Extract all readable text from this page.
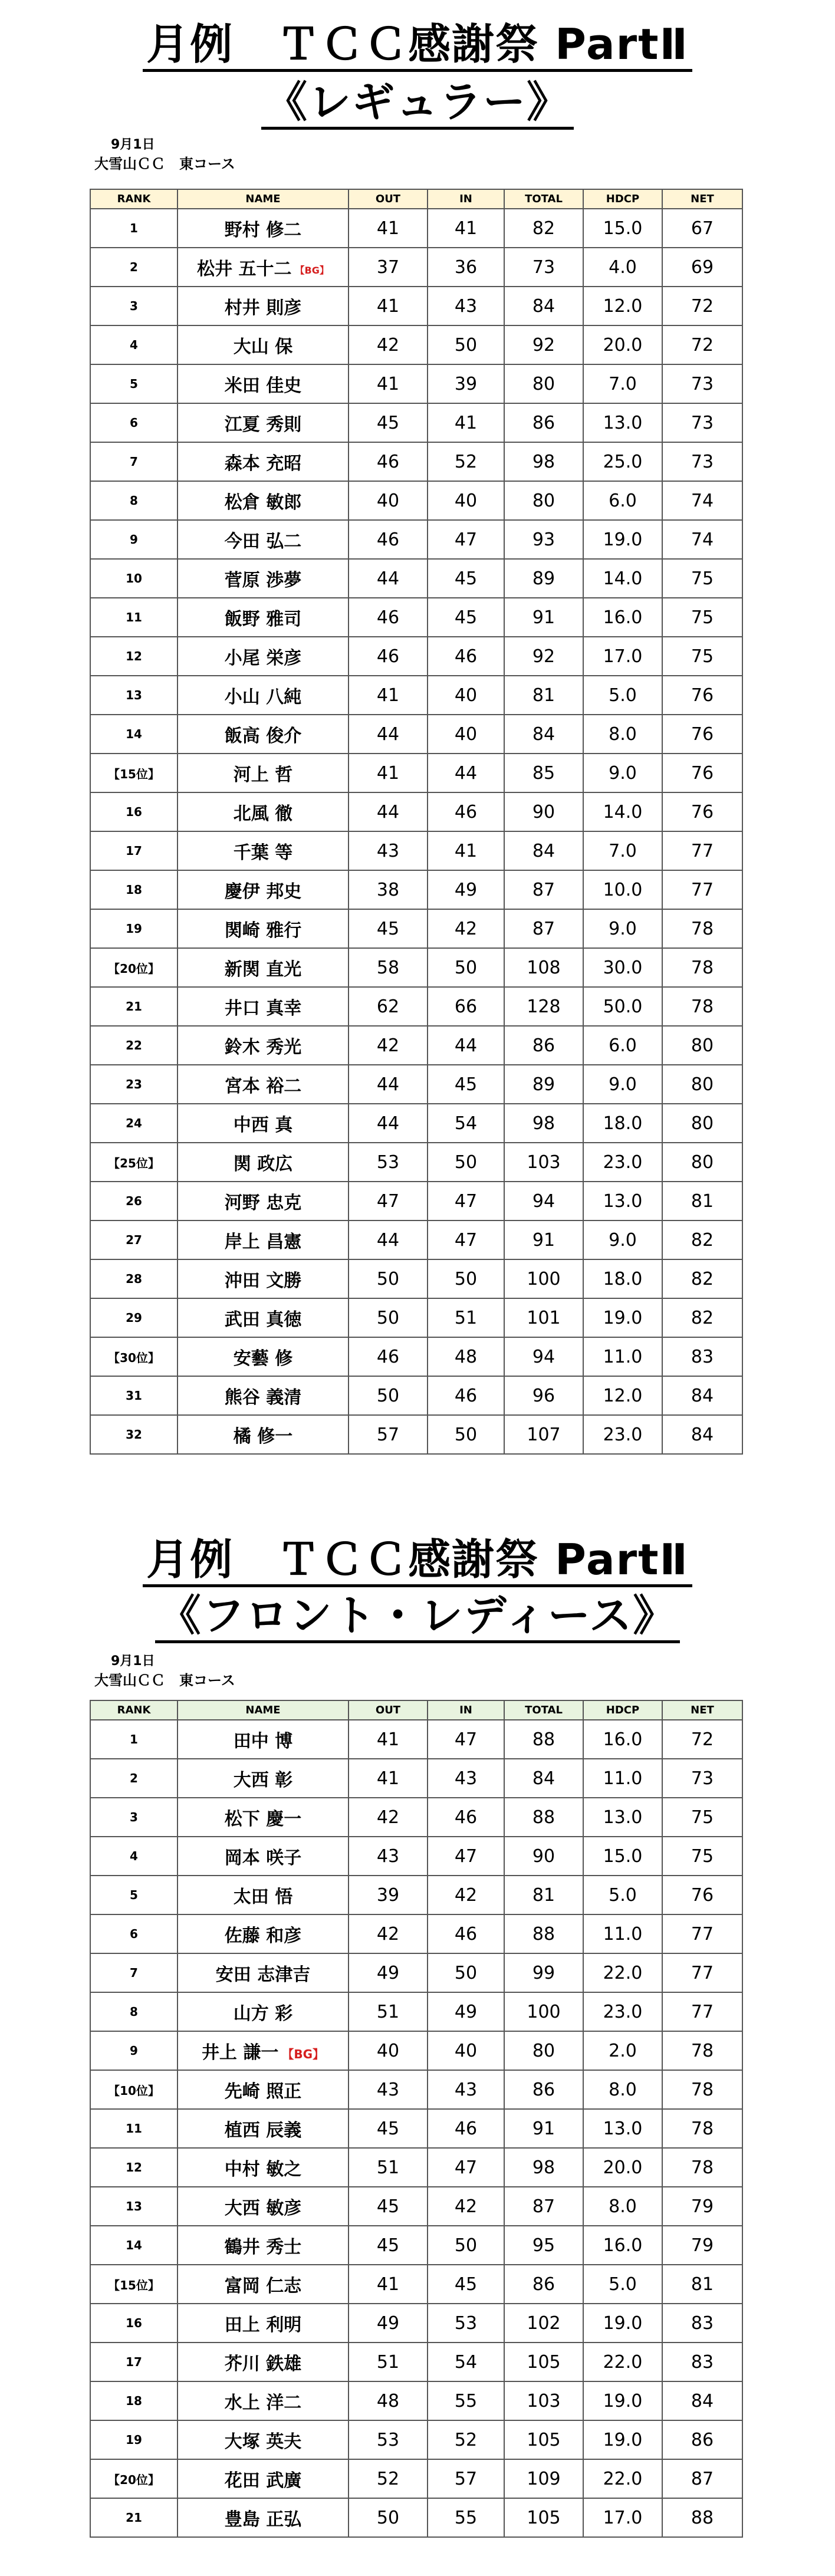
月例　ＴＣＣ感謝祭 PartⅡ
《レギュラー》
9月1日
大雪山ＣＣ　東コース
RANK	NAME	OUT	IN	TOTAL	HDCP	NET
1	野村 修二	41	41	82	15.0	67
2	松井 五十二 【BG】	37	36	73	4.0	69
3	村井 則彦	41	43	84	12.0	72
4	大山 保	42	50	92	20.0	72
5	米田 佳史	41	39	80	7.0	73
6	江夏 秀則	45	41	86	13.0	73
7	森本 充昭	46	52	98	25.0	73
8	松倉 敏郎	40	40	80	6.0	74
9	今田 弘二	46	47	93	19.0	74
10	菅原 渉夢	44	45	89	14.0	75
11	飯野 雅司	46	45	91	16.0	75
12	小尾 栄彦	46	46	92	17.0	75
13	小山 八純	41	40	81	5.0	76
14	飯高 俊介	44	40	84	8.0	76
【15位】	河上 哲	41	44	85	9.0	76
16	北風 徹	44	46	90	14.0	76
17	千葉 等	43	41	84	7.0	77
18	慶伊 邦史	38	49	87	10.0	77
19	関崎 雅行	45	42	87	9.0	78
【20位】	新関 直光	58	50	108	30.0	78
21	井口 真幸	62	66	128	50.0	78
22	鈴木 秀光	42	44	86	6.0	80
23	宮本 裕二	44	45	89	9.0	80
24	中西 真	44	54	98	18.0	80
【25位】	関 政広	53	50	103	23.0	80
26	河野 忠克	47	47	94	13.0	81
27	岸上 昌憲	44	47	91	9.0	82
28	沖田 文勝	50	50	100	18.0	82
29	武田 真徳	50	51	101	19.0	82
【30位】	安藝 修	46	48	94	11.0	83
31	熊谷 義清	50	46	96	12.0	84
32	橘 修一	57	50	107	23.0	84
月例　ＴＣＣ感謝祭 PartⅡ
《フロント・レディース》
9月1日
大雪山ＣＣ　東コース
RANK	NAME	OUT	IN	TOTAL	HDCP	NET
1	田中 博	41	47	88	16.0	72
2	大西 彰	41	43	84	11.0	73
3	松下 慶一	42	46	88	13.0	75
4	岡本 咲子	43	47	90	15.0	75
5	太田 悟	39	42	81	5.0	76
6	佐藤 和彦	42	46	88	11.0	77
7	安田 志津吉	49	50	99	22.0	77
8	山方 彩	51	49	100	23.0	77
9	井上 謙一 【BG】	40	40	80	2.0	78
【10位】	先崎 照正	43	43	86	8.0	78
11	植西 辰義	45	46	91	13.0	78
12	中村 敏之	51	47	98	20.0	78
13	大西 敏彦	45	42	87	8.0	79
14	鶴井 秀士	45	50	95	16.0	79
【15位】	富岡 仁志	41	45	86	5.0	81
16	田上 利明	49	53	102	19.0	83
17	芥川 鉄雄	51	54	105	22.0	83
18	水上 洋二	48	55	103	19.0	84
19	大塚 英夫	53	52	105	19.0	86
【20位】	花田 武廣	52	57	109	22.0	87
21	豊島 正弘	50	55	105	17.0	88
